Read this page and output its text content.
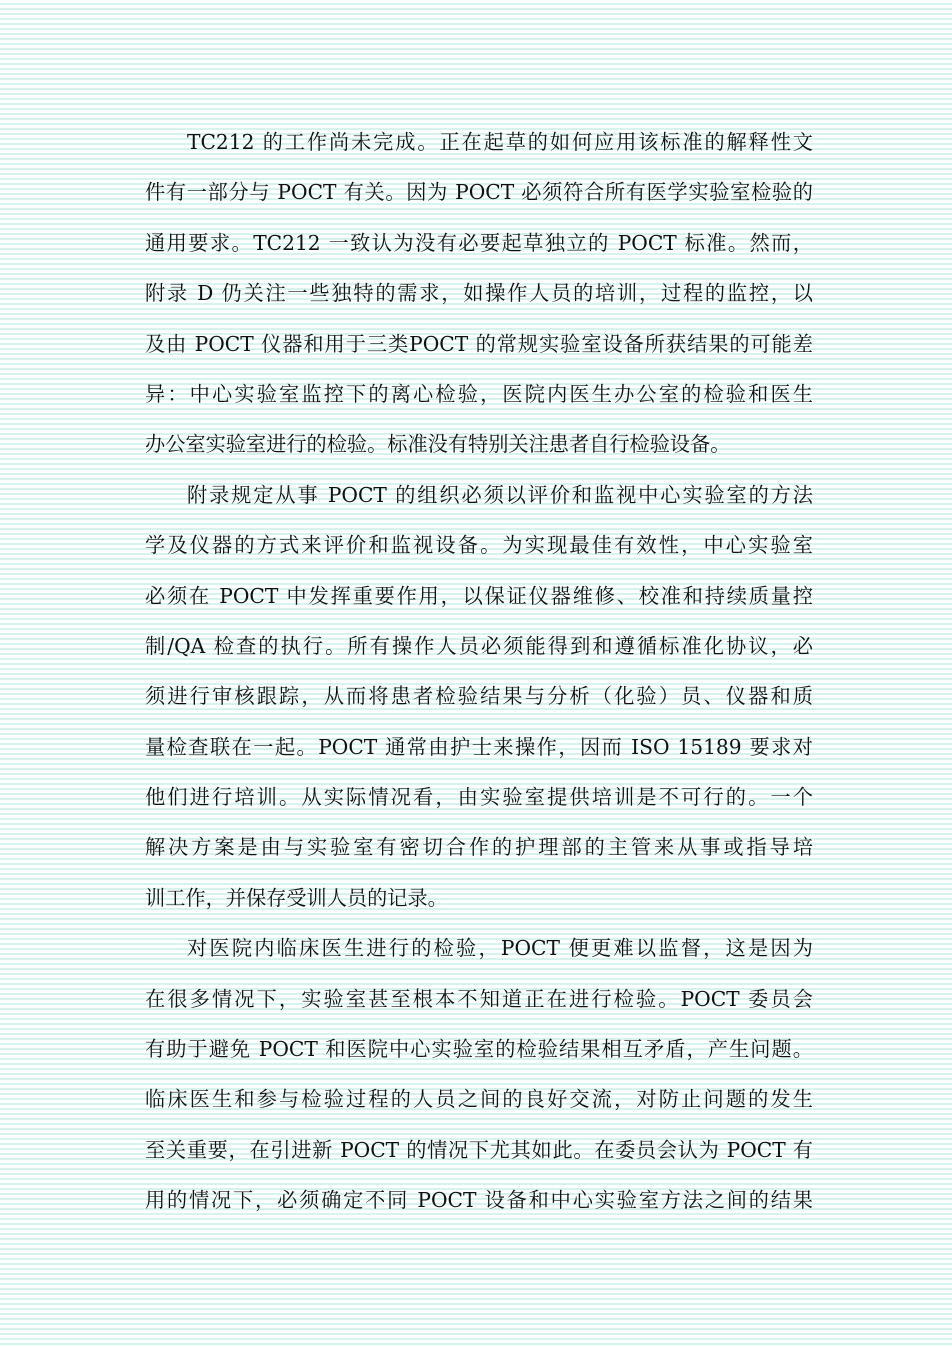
TC212 的工作尚未完成。正在起草的如何应用该标准的解释性文
件有一部分与 POCT 有关。因为 POCT 必须符合所有医学实验室检验的
通用要求。TC212 一致认为没有必要起草独立的 POCT 标准。然而，
附录 D 仍关注一些独特的需求，如操作人员的培训，过程的监控，以
及由 POCT 仪器和用于三类POCT 的常规实验室设备所获结果的可能差
异：中心实验室监控下的离心检验，医院内医生办公室的检验和医生
办公室实验室进行的检验。标准没有特别关注患者自行检验设备。
附录规定从事 POCT 的组织必须以评价和监视中心实验室的方法
学及仪器的方式来评价和监视设备。为实现最佳有效性，中心实验室
必须在 POCT 中发挥重要作用，以保证仪器维修、校准和持续质量控
制/QA 检查的执行。所有操作人员必须能得到和遵循标准化协议，必
须进行审核跟踪，从而将患者检验结果与分析（化验）员、仪器和质
量检查联在一起。POCT 通常由护士来操作，因而 ISO 15189 要求对
他们进行培训。从实际情况看，由实验室提供培训是不可行的。一个
解决方案是由与实验室有密切合作的护理部的主管来从事或指导培
训工作，并保存受训人员的记录。
对医院内临床医生进行的检验，POCT 便更难以监督，这是因为
在很多情况下，实验室甚至根本不知道正在进行检验。POCT 委员会
有助于避免 POCT 和医院中心实验室的检验结果相互矛盾，产生问题。
临床医生和参与检验过程的人员之间的良好交流，对防止问题的发生
至关重要，在引进新 POCT 的情况下尤其如此。在委员会认为 POCT 有
用的情况下，必须确定不同 POCT 设备和中心实验室方法之间的结果
